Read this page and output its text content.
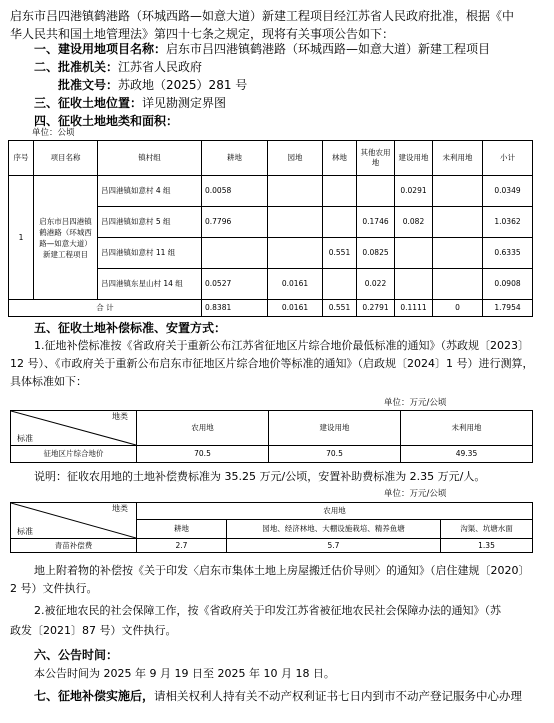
启东市吕四港镇鹤港路（环城西路—如意大道）新建工程项目经江苏省人民政府批准，根据《中
华人民共和国土地管理法》第四十七条之规定，现将有关事项公告如下：
一、建设用地项目名称：启东市吕四港镇鹤港路（环城西路—如意大道）新建工程项目
二、批准机关：江苏省人民政府
批准文号：苏政地（2025）281 号
三、征收土地位置：详见勘测定界图
四、征收土地地类和面积：
单位：公顷
序号	项目名称	镇村组	耕地	园地	林地	其他农用地	建设用地	未利用地	小计
1	启东市吕四港镇鹤港路（环城西路—如意大道）新建工程项目	吕四港镇如意村 4 组	0.0058				0.0291		0.0349
		吕四港镇如意村 5 组	0.7796			0.1746	0.082		1.0362
		吕四港镇如意村 11 组			0.551	0.0825			0.6335
		吕四港镇东星山村 14 组	0.0527	0.0161		0.022			0.0908
合 计			0.8381	0.0161	0.551	0.2791	0.1111	0	1.7954
五、征收土地补偿标准、安置方式：
1.征地补偿标准按《省政府关于重新公布江苏省征地区片综合地价最低标准的通知》（苏政规〔2023〕
12 号）、《市政府关于重新公布启东市征地区片综合地价等标准的通知》（启政规〔2024〕1 号）进行测算，
具体标准如下：
单位：万元/公顷
地类
标准	农用地	建设用地	未利用地
征地区片综合地价	70.5	70.5	49.35
说明：征收农用地的土地补偿费标准为 35.25 万元/公顷，安置补助费标准为 2.35 万元/人。
单位：万元/公顷
地类
标准	农用地		
	耕地	园地、经济林地、大棚设施栽培、精养鱼塘	沟渠、坑塘水面
青苗补偿费	2.7	5.7	1.35
地上附着物的补偿按《关于印发〈启东市集体土地上房屋搬迁估价导则〉的通知》（启住建规〔2020〕
2 号）文件执行。
2.被征地农民的社会保障工作，按《省政府关于印发江苏省被征地农民社会保障办法的通知》（苏
政发〔2021〕87 号）文件执行。
六、公告时间：
本公告时间为 2025 年 9 月 19 日至 2025 年 10 月 18 日。
七、征地补偿实施后，请相关权利人持有关不动产权利证书七日内到市不动产登记服务中心办理
